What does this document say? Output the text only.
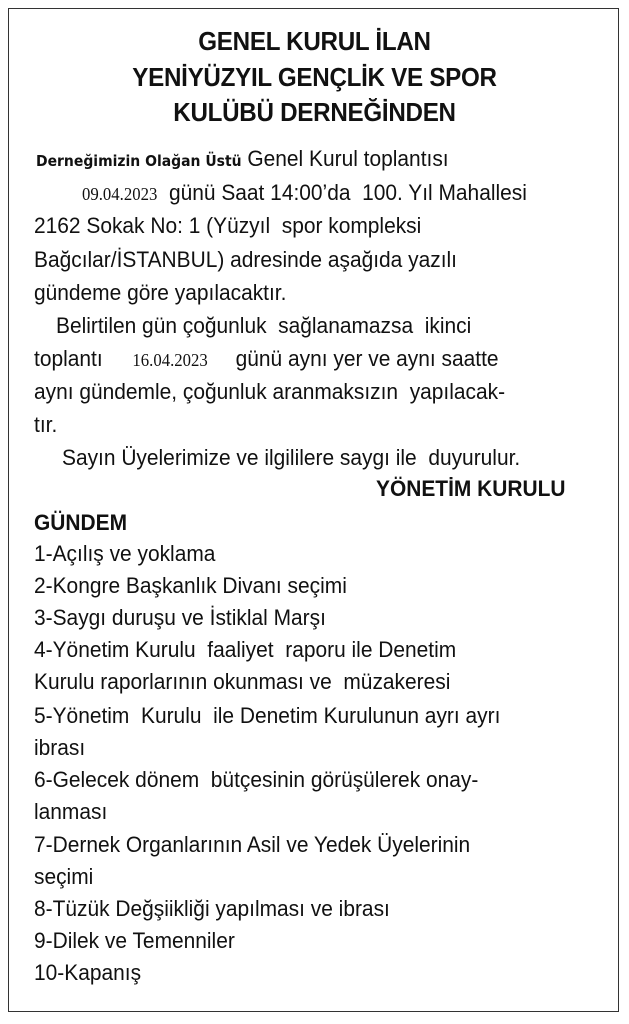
GENEL KURUL İLAN
YENİYÜZYIL GENÇLİK VE SPOR
KULÜBÜ DERNEĞİNDEN
Derneğimizin Olağan Üstü Genel Kurul toplantısı
09.04.2023  günü Saat 14:00’da  100. Yıl Mahallesi
2162 Sokak No: 1 (Yüzyıl  spor kompleksi
Bağcılar/İSTANBUL) adresinde aşağıda yazılı
gündeme göre yapılacaktır.
Belirtilen gün çoğunluk  sağlanamazsa  ikinci
toplantı 16.04.2023 günü aynı yer ve aynı saatte
aynı gündemle, çoğunluk aranmaksızın  yapılacak-
tır.
Sayın Üyelerimize ve ilgililere saygı ile  duyurulur.
YÖNETİM KURULU
GÜNDEM
1-Açılış ve yoklama
2-Kongre Başkanlık Divanı seçimi
3-Saygı duruşu ve İstiklal Marşı
4-Yönetim Kurulu  faaliyet  raporu ile Denetim
Kurulu raporlarının okunması ve  müzakeresi
5-Yönetim  Kurulu  ile Denetim Kurulunun ayrı ayrı
ibrası
6-Gelecek dönem  bütçesinin görüşülerek onay-
lanması
7-Dernek Organlarının Asil ve Yedek Üyelerinin
seçimi
8-Tüzük Değşiikliği yapılması ve ibrası
9-Dilek ve Temenniler
10-Kapanış
